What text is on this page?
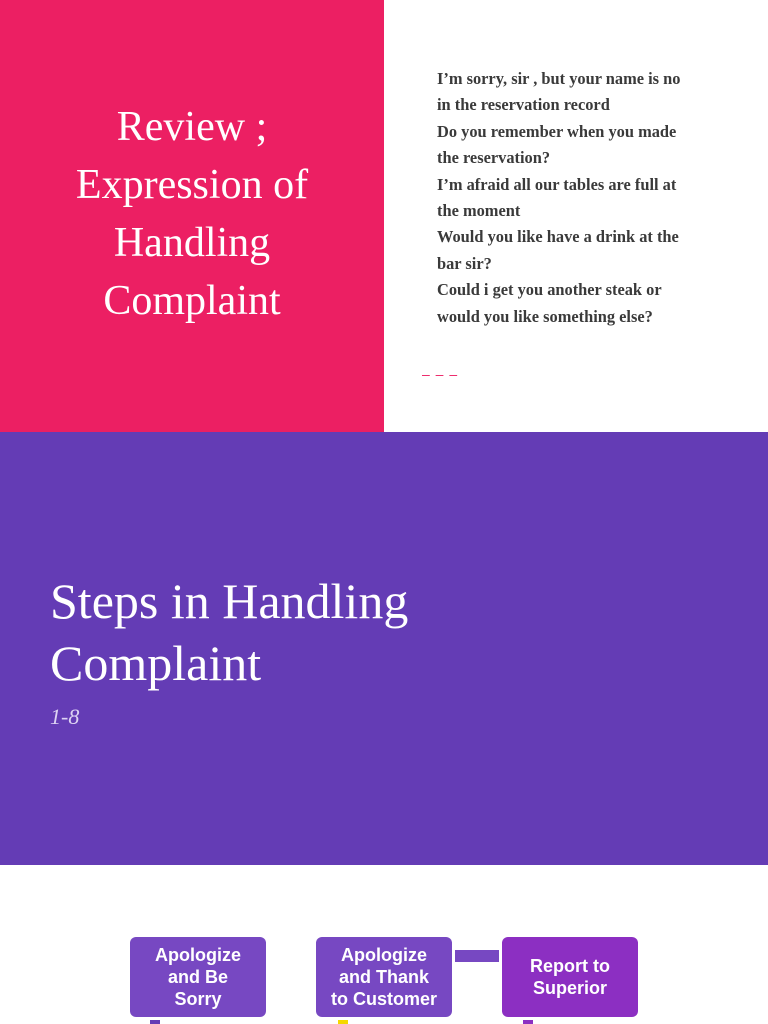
Review ;
Expression of
Handling
Complaint
I’m sorry, sir , but your name is no
in the reservation record
Do you remember when you made
the reservation?
I’m afraid all our tables are full at
the moment
Would you like have a drink at the
bar sir?
Could i get you another steak or
would you like something else?
– – –
Steps in Handling
Complaint
1-8
Apologize
and Be
Sorry
Apologize
and Thank
to Customer
Report to
Superior
